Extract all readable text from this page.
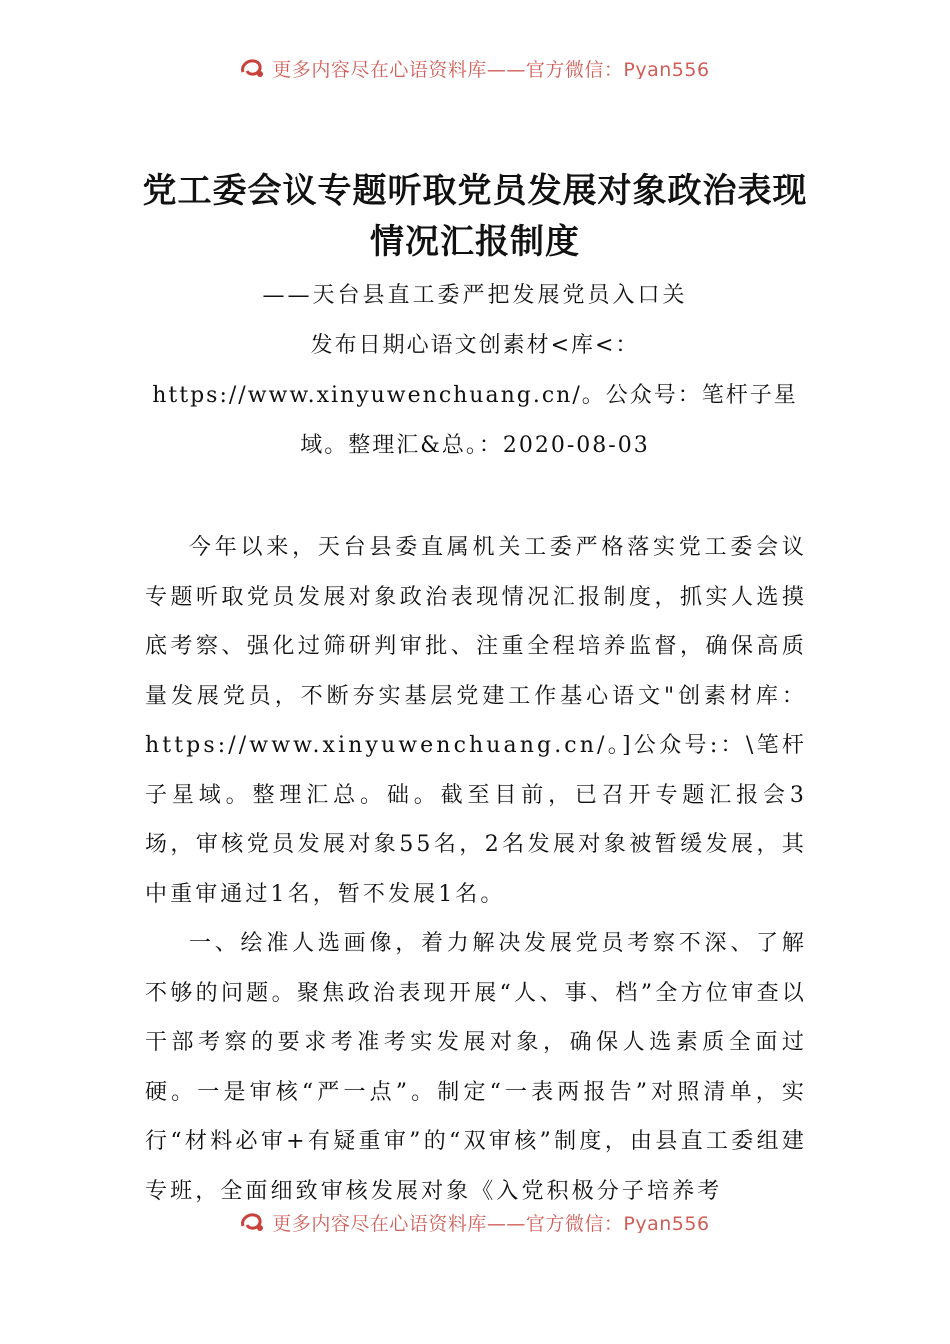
更多内容尽在心语资料库——官方微信：Pyan556
党工委会议专题听取党员发展对象政治表现情况汇报制度
——天台县直工委严把发展党员入口关
发布日期心语文创素材<库<：https://www.xinyuwenchuang.cn/。公众号：笔杆子星域。整理汇&总。：2020-08-03

今年以来，天台县委直属机关工委严格落实党工委会议专题听取党员发展对象政治表现情况汇报制度，抓实人选摸底考察、强化过筛研判审批、注重全程培养监督，确保高质量发展党员，不断夯实基层党建工作基心语文"创素材库：https://www.xinyuwenchuang.cn/。]公众号:：\笔杆子星域。整理汇总。础。截至目前，已召开专题汇报会3场，审核党员发展对象55名，2名发展对象被暂缓发展，其中重审通过1名，暂不发展1名。

一、绘准人选画像，着力解决发展党员考察不深、了解不够的问题。聚焦政治表现开展“人、事、档”全方位审查以干部考察的要求考准考实发展对象，确保人选素质全面过硬。一是审核“严一点”。制定“一表两报告”对照清单，实行“材料必审+有疑重审”的“双审核”制度，由县直工委组建专班，全面细致审核发展对象《入党积极分子培养考

更多内容尽在心语资料库——官方微信：Pyan556
